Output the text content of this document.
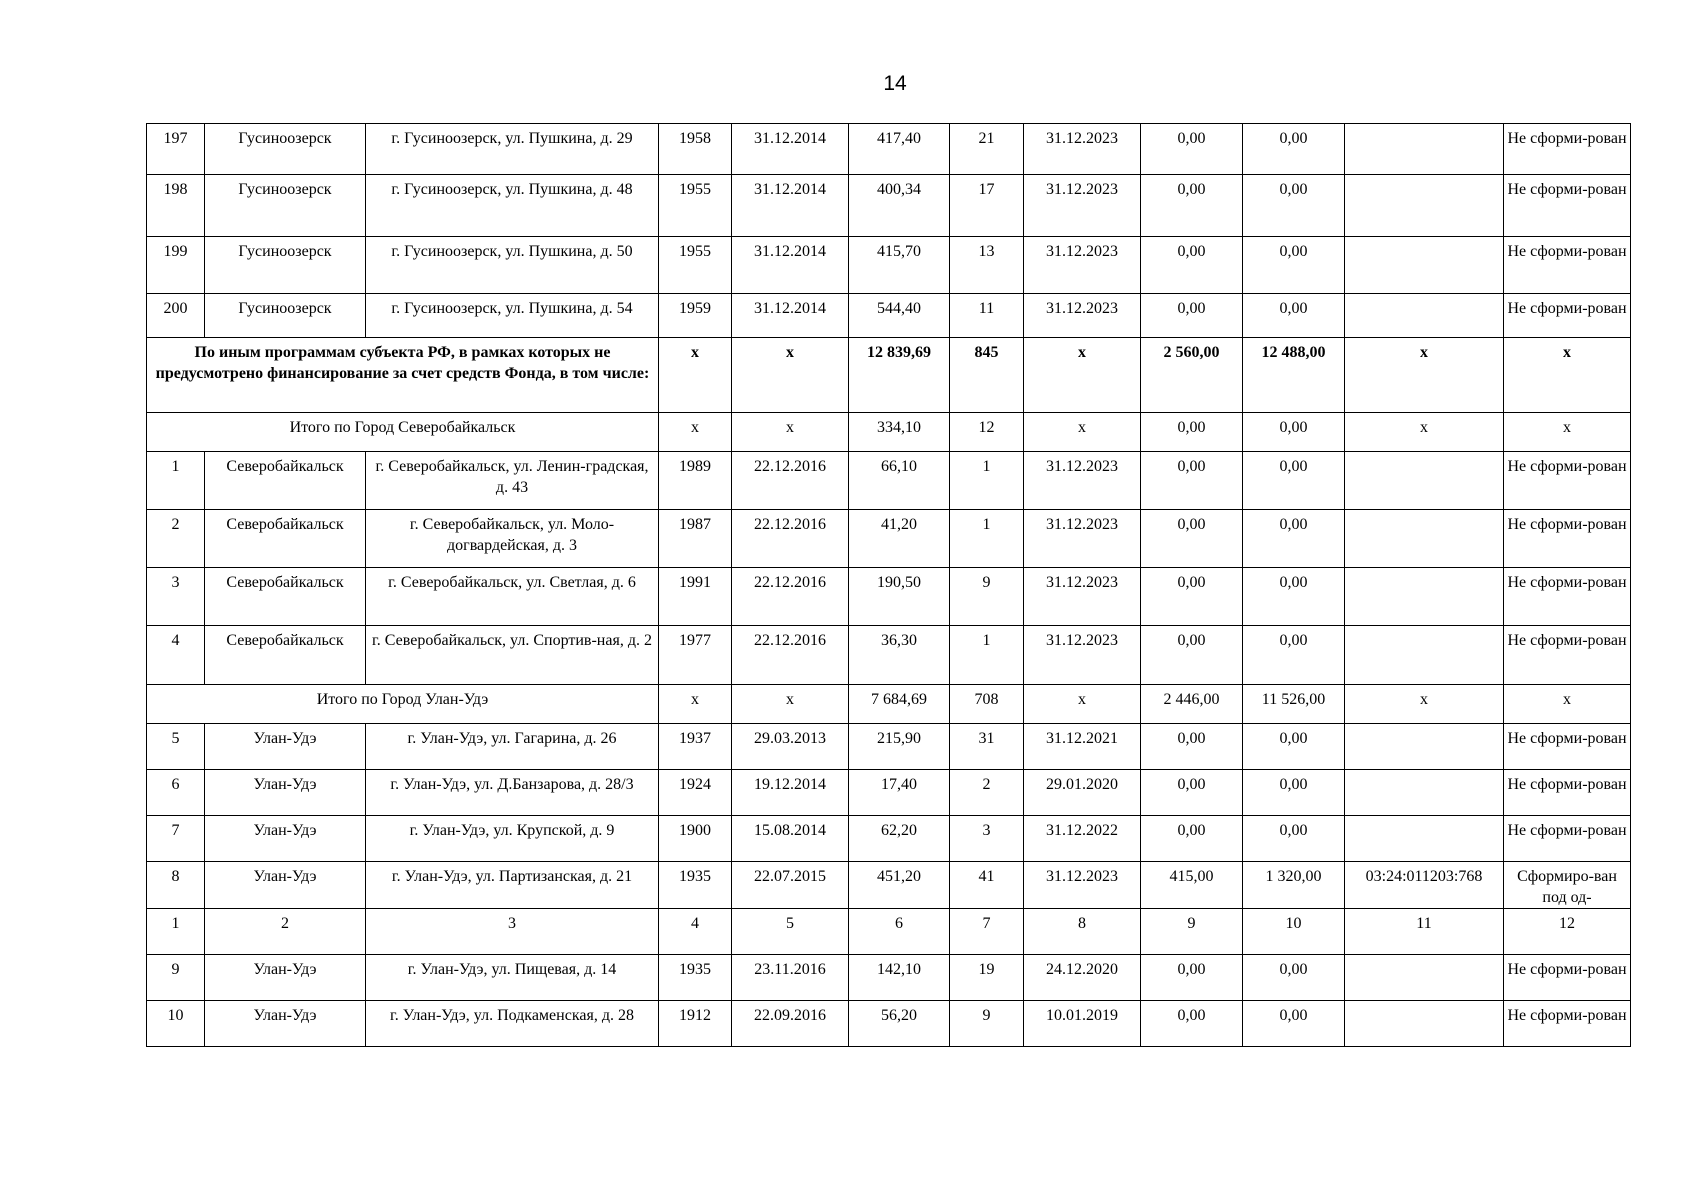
14
197	Гусиноозерск	г. Гусиноозерск, ул. Пушкина, д. 29	1958	31.12.2014	417,40	21	31.12.2023	0,00	0,00		Не сформи-рован
198	Гусиноозерск	г. Гусиноозерск, ул. Пушкина, д. 48	1955	31.12.2014	400,34	17	31.12.2023	0,00	0,00		Не сформи-рован
199	Гусиноозерск	г. Гусиноозерск, ул. Пушкина, д. 50	1955	31.12.2014	415,70	13	31.12.2023	0,00	0,00		Не сформи-рован
200	Гусиноозерск	г. Гусиноозерск, ул. Пушкина, д. 54	1959	31.12.2014	544,40	11	31.12.2023	0,00	0,00		Не сформи-рован
По иным программам субъекта РФ, в рамках которых не предусмотрено финансирование за счет средств Фонда, в том числе:			x	x	12 839,69	845	x	2 560,00	12 488,00	x	x
Итого по Город Северобайкальск			x	x	334,10	12	x	0,00	0,00	x	x
1	Северобайкальск	г. Северобайкальск, ул. Ленин-градская, д. 43	1989	22.12.2016	66,10	1	31.12.2023	0,00	0,00		Не сформи-рован
2	Северобайкальск	г. Северобайкальск, ул. Моло-догвардейская, д. 3	1987	22.12.2016	41,20	1	31.12.2023	0,00	0,00		Не сформи-рован
3	Северобайкальск	г. Северобайкальск, ул. Светлая, д. 6	1991	22.12.2016	190,50	9	31.12.2023	0,00	0,00		Не сформи-рован
4	Северобайкальск	г. Северобайкальск, ул. Спортив-ная, д. 2	1977	22.12.2016	36,30	1	31.12.2023	0,00	0,00		Не сформи-рован
Итого по Город Улан-Удэ			x	x	7 684,69	708	x	2 446,00	11 526,00	x	x
5	Улан-Удэ	г. Улан-Удэ, ул. Гагарина, д. 26	1937	29.03.2013	215,90	31	31.12.2021	0,00	0,00		Не сформи-рован
6	Улан-Удэ	г. Улан-Удэ, ул. Д.Банзарова, д. 28/3	1924	19.12.2014	17,40	2	29.01.2020	0,00	0,00		Не сформи-рован
7	Улан-Удэ	г. Улан-Удэ, ул. Крупской, д. 9	1900	15.08.2014	62,20	3	31.12.2022	0,00	0,00		Не сформи-рован
8	Улан-Удэ	г. Улан-Удэ, ул. Партизанская, д. 21	1935	22.07.2015	451,20	41	31.12.2023	415,00	1 320,00	03:24:011203:768	Сформиро-ван под од-
1	2	3	4	5	6	7	8	9	10	11	12
9	Улан-Удэ	г. Улан-Удэ, ул. Пищевая, д. 14	1935	23.11.2016	142,10	19	24.12.2020	0,00	0,00		Не сформи-рован
10	Улан-Удэ	г. Улан-Удэ, ул. Подкаменская, д. 28	1912	22.09.2016	56,20	9	10.01.2019	0,00	0,00		Не сформи-рован
